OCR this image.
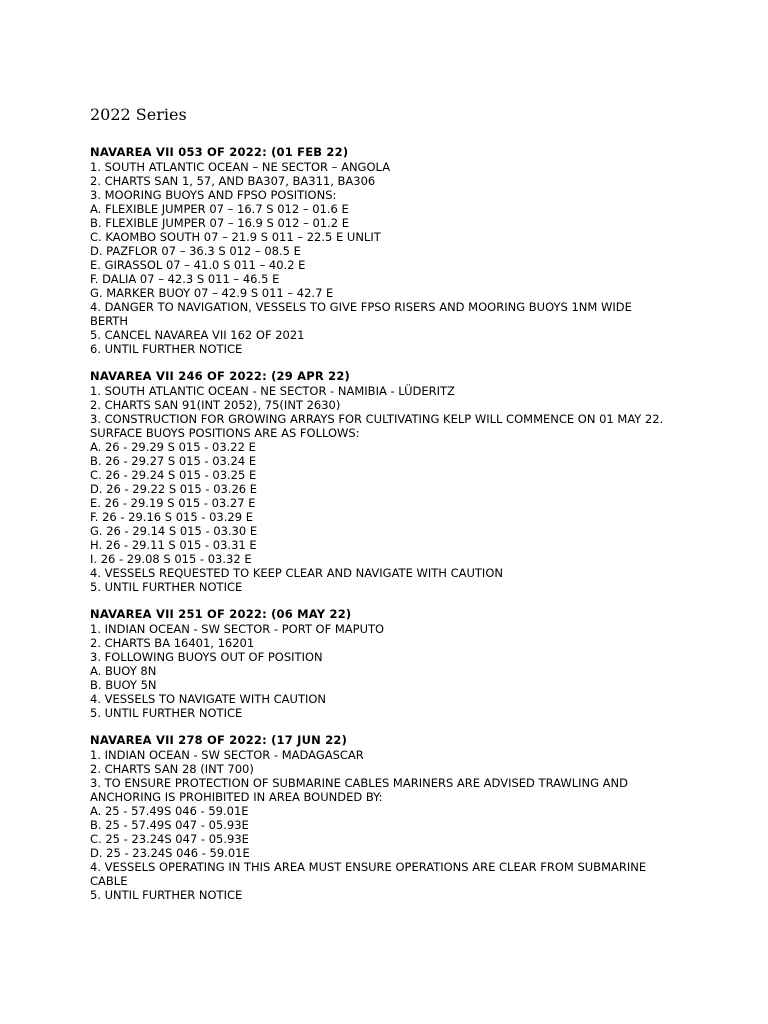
2022 Series
NAVAREA VII 053 OF 2022: (01 FEB 22)
1. SOUTH ATLANTIC OCEAN – NE SECTOR – ANGOLA
2. CHARTS SAN 1, 57, AND BA307, BA311, BA306
3. MOORING BUOYS AND FPSO POSITIONS:
A. FLEXIBLE JUMPER 07 – 16.7 S 012 – 01.6 E
B. FLEXIBLE JUMPER 07 – 16.9 S 012 – 01.2 E
C. KAOMBO SOUTH 07 – 21.9 S 011 – 22.5 E UNLIT
D. PAZFLOR 07 – 36.3 S 012 – 08.5 E
E. GIRASSOL 07 – 41.0 S 011 – 40.2 E
F. DALIA 07 – 42.3 S 011 – 46.5 E
G. MARKER BUOY 07 – 42.9 S 011 – 42.7 E
4. DANGER TO NAVIGATION, VESSELS TO GIVE FPSO RISERS AND MOORING BUOYS 1NM WIDE
BERTH
5. CANCEL NAVAREA VII 162 OF 2021
6. UNTIL FURTHER NOTICE
NAVAREA VII 246 OF 2022: (29 APR 22)
1. SOUTH ATLANTIC OCEAN - NE SECTOR - NAMIBIA - LÜDERITZ
2. CHARTS SAN 91(INT 2052), 75(INT 2630)
3. CONSTRUCTION FOR GROWING ARRAYS FOR CULTIVATING KELP WILL COMMENCE ON 01 MAY 22.
SURFACE BUOYS POSITIONS ARE AS FOLLOWS:
A. 26 - 29.29 S 015 - 03.22 E
B. 26 - 29.27 S 015 - 03.24 E
C. 26 - 29.24 S 015 - 03.25 E
D. 26 - 29.22 S 015 - 03.26 E
E. 26 - 29.19 S 015 - 03.27 E
F. 26 - 29.16 S 015 - 03.29 E
G. 26 - 29.14 S 015 - 03.30 E
H. 26 - 29.11 S 015 - 03.31 E
I. 26 - 29.08 S 015 - 03.32 E
4. VESSELS REQUESTED TO KEEP CLEAR AND NAVIGATE WITH CAUTION
5. UNTIL FURTHER NOTICE
NAVAREA VII 251 OF 2022: (06 MAY 22)
1. INDIAN OCEAN - SW SECTOR - PORT OF MAPUTO
2. CHARTS BA 16401, 16201
3. FOLLOWING BUOYS OUT OF POSITION
A. BUOY 8N
B. BUOY 5N
4. VESSELS TO NAVIGATE WITH CAUTION
5. UNTIL FURTHER NOTICE
NAVAREA VII 278 OF 2022: (17 JUN 22)
1. INDIAN OCEAN - SW SECTOR - MADAGASCAR
2. CHARTS SAN 28 (INT 700)
3. TO ENSURE PROTECTION OF SUBMARINE CABLES MARINERS ARE ADVISED TRAWLING AND
ANCHORING IS PROHIBITED IN AREA BOUNDED BY:
A. 25 - 57.49S 046 - 59.01E
B. 25 - 57.49S 047 - 05.93E
C. 25 - 23.24S 047 - 05.93E
D. 25 - 23.24S 046 - 59.01E
4. VESSELS OPERATING IN THIS AREA MUST ENSURE OPERATIONS ARE CLEAR FROM SUBMARINE
CABLE
5. UNTIL FURTHER NOTICE
